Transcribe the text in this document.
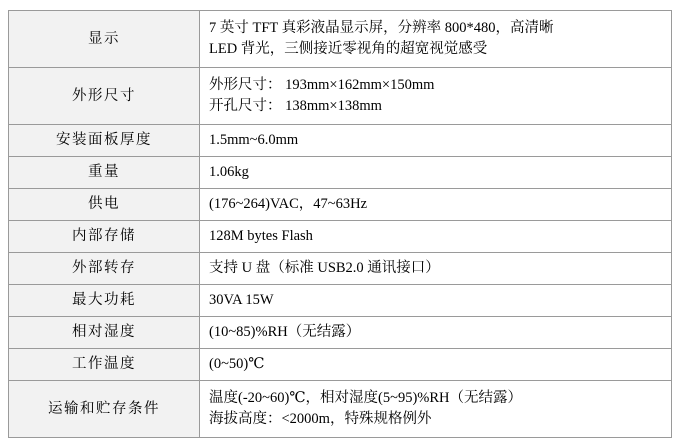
显示	7 英寸 TFT 真彩液晶显示屏，分辨率 800*480，高清晰
LED 背光，三侧接近零视角的超宽视觉感受

外形尺寸	外形尺寸： 193mm×162mm×150mm
开孔尺寸： 138mm×138mm

安装面板厚度	1.5mm~6.0mm

重量	1.06kg

供电	(176~264)VAC，47~63Hz

内部存储	128M bytes Flash

外部转存	支持 U 盘（标准 USB2.0 通讯接口）

最大功耗	30VA 15W

相对湿度	(10~85)%RH（无结露）

工作温度	(0~50)℃

运输和贮存条件	温度(-20~60)℃，相对湿度(5~95)%RH（无结露）
海拔高度：<2000m，特殊规格例外
